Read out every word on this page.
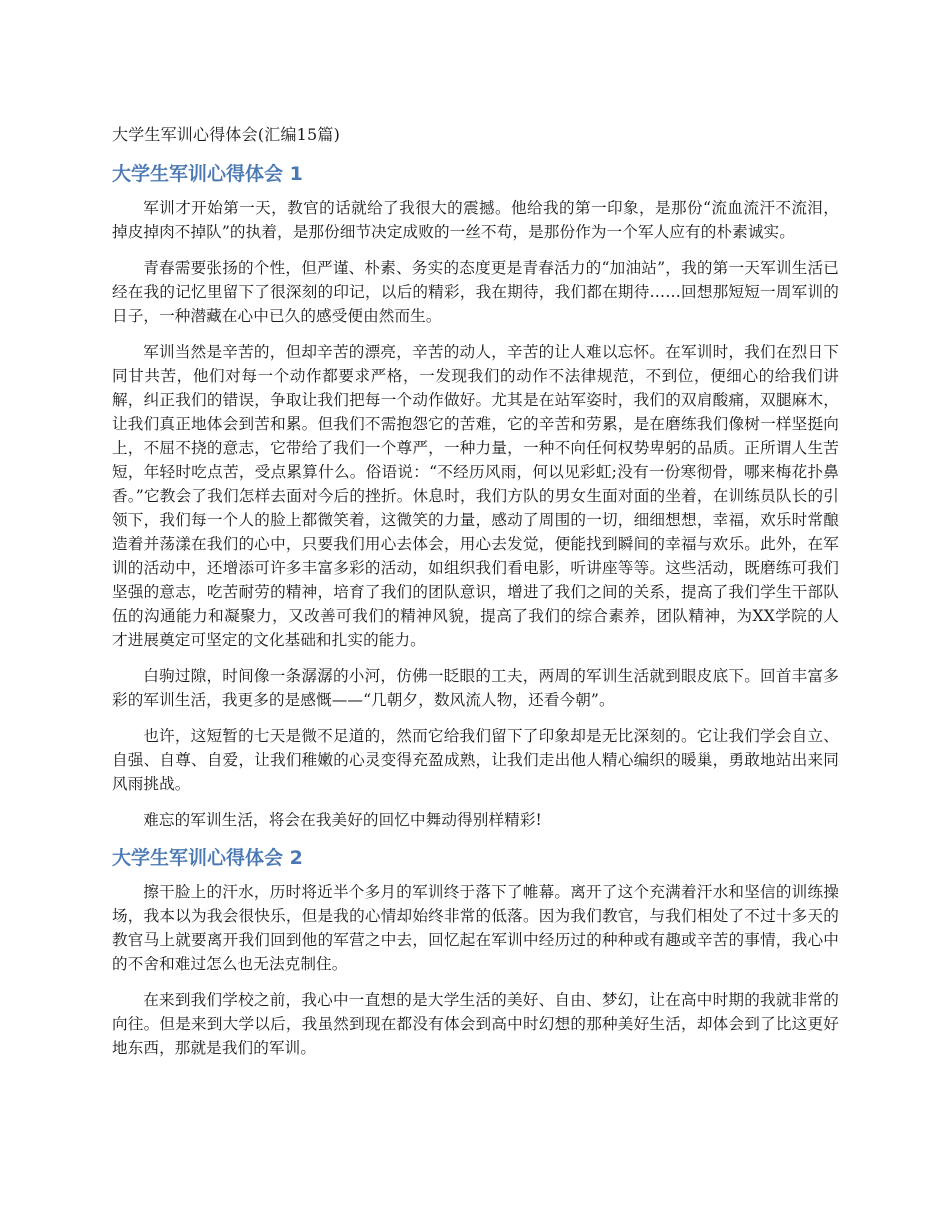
大学生军训心得体会(汇编15篇)
大学生军训心得体会 1

军训才开始第一天，教官的话就给了我很大的震撼。他给我的第一印象，是那份“流血流汗不流泪，掉皮掉肉不掉队”的执着，是那份细节决定成败的一丝不苟，是那份作为一个军人应有的朴素诚实。

青春需要张扬的个性，但严谨、朴素、务实的态度更是青春活力的“加油站”，我的第一天军训生活已经在我的记忆里留下了很深刻的印记，以后的精彩，我在期待，我们都在期待……回想那短短一周军训的日子，一种潜藏在心中已久的感受便由然而生。

军训当然是辛苦的，但却辛苦的漂亮，辛苦的动人，辛苦的让人难以忘怀。在军训时，我们在烈日下同甘共苦，他们对每一个动作都要求严格，一发现我们的动作不法律规范，不到位，便细心的给我们讲解，纠正我们的错误，争取让我们把每一个动作做好。尤其是在站军姿时，我们的双肩酸痛，双腿麻木，让我们真正地体会到苦和累。但我们不需抱怨它的苦难，它的辛苦和劳累，是在磨练我们像树一样坚挺向上，不屈不挠的意志，它带给了我们一个尊严，一种力量，一种不向任何权势卑躬的品质。正所谓人生苦短，年轻时吃点苦，受点累算什么。俗语说：“不经历风雨，何以见彩虹;没有一份寒彻骨，哪来梅花扑鼻香。”它教会了我们怎样去面对今后的挫折。休息时，我们方队的男女生面对面的坐着，在训练员队长的引领下，我们每一个人的脸上都微笑着，这微笑的力量，感动了周围的一切，细细想想，幸福，欢乐时常酿造着并荡漾在我们的心中，只要我们用心去体会，用心去发觉，便能找到瞬间的幸福与欢乐。此外，在军训的活动中，还增添可许多丰富多彩的活动，如组织我们看电影，听讲座等等。这些活动，既磨练可我们坚强的意志，吃苦耐劳的精神，培育了我们的团队意识，增进了我们之间的关系，提高了我们学生干部队伍的沟通能力和凝聚力，又改善可我们的精神风貌，提高了我们的综合素养，团队精神，为XX学院的人才进展奠定可坚定的文化基础和扎实的能力。

白驹过隙，时间像一条潺潺的小河，仿佛一眨眼的工夫，两周的军训生活就到眼皮底下。回首丰富多彩的军训生活，我更多的是感慨——“几朝夕，数风流人物，还看今朝”。

也许，这短暂的七天是微不足道的，然而它给我们留下了印象却是无比深刻的。它让我们学会自立、自强、自尊、自爱，让我们稚嫩的心灵变得充盈成熟，让我们走出他人精心编织的暖巢，勇敢地站出来同风雨挑战。

难忘的军训生活，将会在我美好的回忆中舞动得别样精彩!

大学生军训心得体会 2

擦干脸上的汗水，历时将近半个多月的军训终于落下了帷幕。离开了这个充满着汗水和坚信的训练操场，我本以为我会很快乐，但是我的心情却始终非常的低落。因为我们教官，与我们相处了不过十多天的教官马上就要离开我们回到他的军营之中去，回忆起在军训中经历过的种种或有趣或辛苦的事情，我心中的不舍和难过怎么也无法克制住。

在来到我们学校之前，我心中一直想的是大学生活的美好、自由、梦幻，让在高中时期的我就非常的向往。但是来到大学以后，我虽然到现在都没有体会到高中时幻想的那种美好生活，却体会到了比这更好地东西，那就是我们的军训。
